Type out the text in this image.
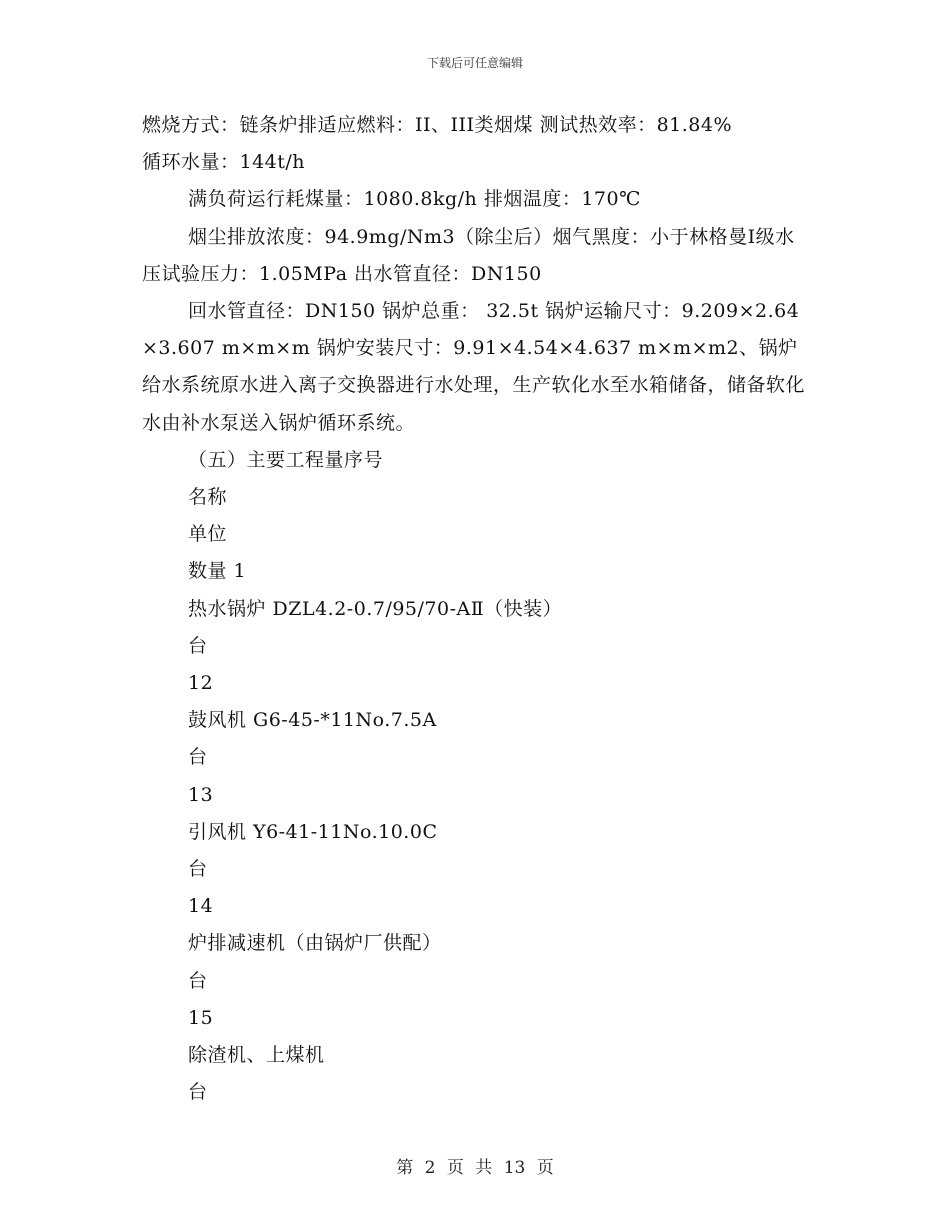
下载后可任意编辑

燃烧方式：链条炉排适应燃料：II、III类烟煤 测试热效率：81.84%

循环水量：144t/h

满负荷运行耗煤量：1080.8kg/h 排烟温度：170℃

烟尘排放浓度：94.9mg/Nm3（除尘后）烟气黑度：小于林格曼Ⅰ级水压试验压力：1.05MPa 出水管直径：DN150

回水管直径：DN150 锅炉总重： 32.5t 锅炉运输尺寸：9.209×2.64×3.607 m×m×m 锅炉安装尺寸：9.91×4.54×4.637 m×m×m2、锅炉给水系统原水进入离子交换器进行水处理，生产软化水至水箱储备，储备软化水由补水泵送入锅炉循环系统。

（五）主要工程量序号

名称

单位

数量 1

热水锅炉 DZL4.2-0.7/95/70-AⅡ（快装）

台

12

鼓风机 G6-45-*11No.7.5A

台

13

引风机 Y6-41-11No.10.0C

台

14

炉排减速机（由锅炉厂供配）

台

15

除渣机、上煤机

台

第 2 页 共 13 页
